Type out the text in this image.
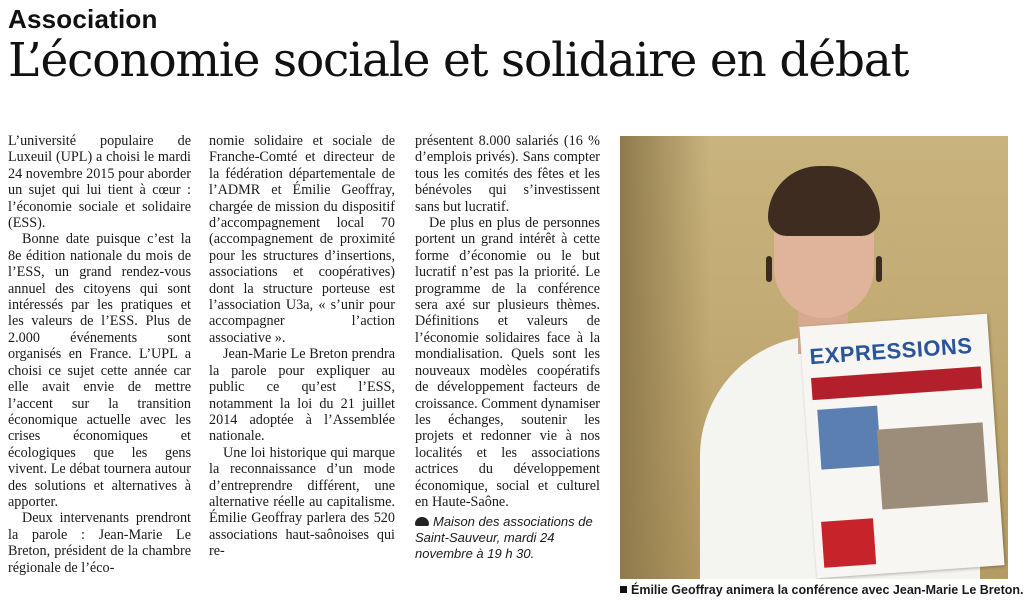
Association
L’économie sociale et solidaire en débat

L’université populaire de Luxeuil (UPL) a choisi le mardi 24 novembre 2015 pour aborder un sujet qui lui tient à cœur : l’économie sociale et solidaire (ESS).

Bonne date puisque c’est la 8e édition nationale du mois de l’ESS, un grand rendez-vous annuel des citoyens qui sont intéressés par les pratiques et les valeurs de l’ESS. Plus de 2.000 événements sont organisés en France. L’UPL a choisi ce sujet cette année car elle avait envie de mettre l’accent sur la transition économique actuelle avec les crises économiques et écologiques que les gens vivent. Le débat tournera autour des solutions et alternatives à apporter.

Deux intervenants prendront la parole : Jean-Marie Le Breton, président de la chambre régionale de l’éco-

nomie solidaire et sociale de Franche-Comté et directeur de la fédération départementale de l’ADMR et Émilie Geoffray, chargée de mission du dispositif d’accompagnement local 70 (accompagnement de proximité pour les structures d’insertions, associations et coopératives) dont la structure porteuse est l’association U3a, « s’unir pour accompagner l’action associative ».

Jean-Marie Le Breton prendra la parole pour expliquer au public ce qu’est l’ESS, notamment la loi du 21 juillet 2014 adoptée à l’Assemblée nationale.

Une loi historique qui marque la reconnaissance d’un mode d’entreprendre différent, une alternative réelle au capitalisme. Émilie Geoffray parlera des 520 associations haut-saônoises qui re-

présentent 8.000 salariés (16 % d’emplois privés). Sans compter tous les comités des fêtes et les bénévoles qui s’investissent sans but lucratif.

De plus en plus de personnes portent un grand intérêt à cette forme d’économie ou le but lucratif n’est pas la priorité. Le programme de la conférence sera axé sur plusieurs thèmes. Définitions et valeurs de l’économie solidaires face à la mondialisation. Quels sont les nouveaux modèles coopératifs de développement facteurs de croissance. Comment dynamiser les échanges, soutenir les projets et redonner vie à nos localités et les associations actrices du développement économique, social et culturel en Haute-Saône.

Maison des associations de Saint-Sauveur, mardi 24 novembre à 19 h 30.
EXPRESSIONS
Émilie Geoffray animera la conférence avec Jean-Marie Le Breton.
